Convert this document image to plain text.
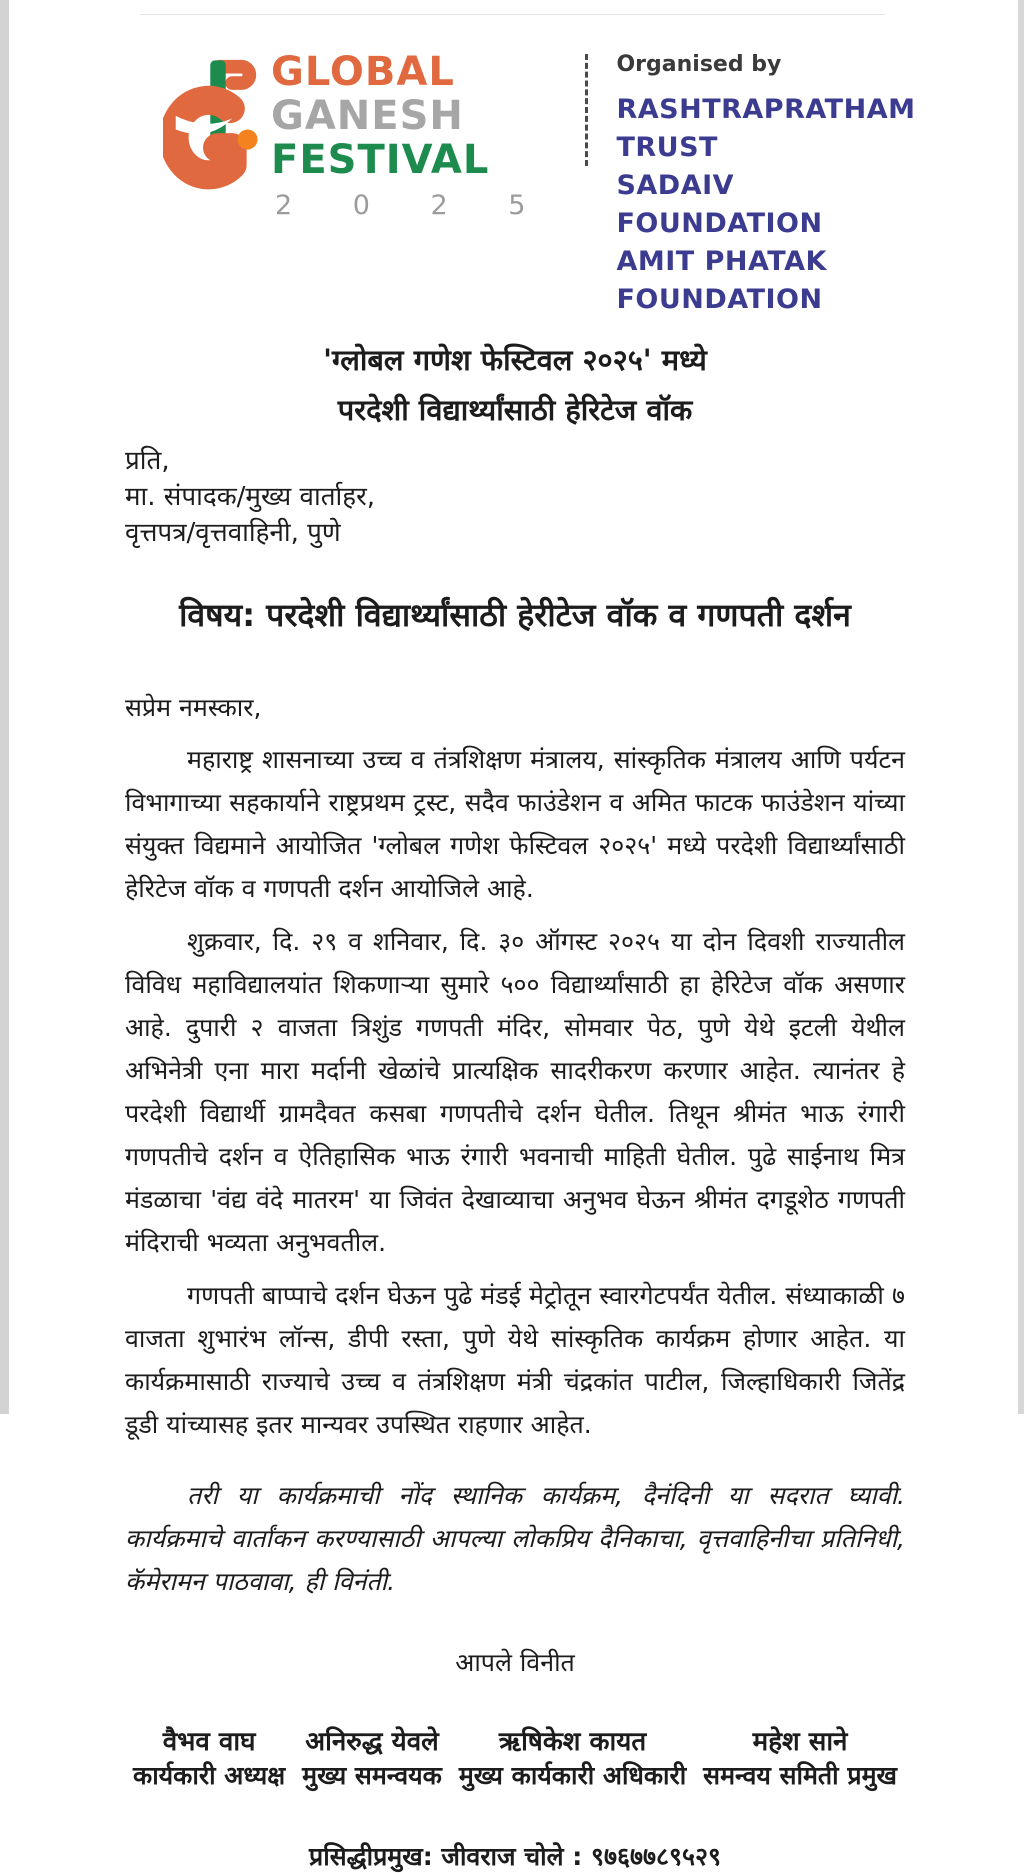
GLOBAL
GANESH
FESTIVAL
2 0 2 5
Organised by
RASHTRAPRATHAM TRUST
SADAIV FOUNDATION
AMIT PHATAK FOUNDATION
'ग्लोबल गणेश फेस्टिवल २०२५' मध्ये
परदेशी विद्यार्थ्यांसाठी हेरिटेज वॉक
प्रति,
मा. संपादक/मुख्य वार्ताहर,
वृत्तपत्र/वृत्तवाहिनी, पुणे
विषय: परदेशी विद्यार्थ्यांसाठी हेरीटेज वॉक व गणपती दर्शन
सप्रेम नमस्कार,

महाराष्ट्र शासनाच्या उच्च व तंत्रशिक्षण मंत्रालय, सांस्कृतिक मंत्रालय आणि पर्यटन विभागाच्या सहकार्याने राष्ट्रप्रथम ट्रस्ट, सदैव फाउंडेशन व अमित फाटक फाउंडेशन यांच्या संयुक्त विद्यमाने आयोजित 'ग्लोबल गणेश फेस्टिवल २०२५' मध्ये परदेशी विद्यार्थ्यांसाठी हेरिटेज वॉक व गणपती दर्शन आयोजिले आहे.

शुक्रवार, दि. २९ व शनिवार, दि. ३० ऑगस्ट २०२५ या दोन दिवशी राज्यातील विविध महाविद्यालयांत शिकणाऱ्या सुमारे ५०० विद्यार्थ्यांसाठी हा हेरिटेज वॉक असणार आहे. दुपारी २ वाजता त्रिशुंड गणपती मंदिर, सोमवार पेठ, पुणे येथे इटली येथील अभिनेत्री एना मारा मर्दानी खेळांचे प्रात्यक्षिक सादरीकरण करणार आहेत. त्यानंतर हे परदेशी विद्यार्थी ग्रामदैवत कसबा गणपतीचे दर्शन घेतील. तिथून श्रीमंत भाऊ रंगारी गणपतीचे दर्शन व ऐतिहासिक भाऊ रंगारी भवनाची माहिती घेतील. पुढे साईनाथ मित्र मंडळाचा 'वंद्य वंदे मातरम' या जिवंत देखाव्याचा अनुभव घेऊन श्रीमंत दगडूशेठ गणपती मंदिराची भव्यता अनुभवतील.

गणपती बाप्पाचे दर्शन घेऊन पुढे मंडई मेट्रोतून स्वारगेटपर्यंत येतील. संध्याकाळी ७ वाजता शुभारंभ लॉन्स, डीपी रस्ता, पुणे येथे सांस्कृतिक कार्यक्रम होणार आहेत. या कार्यक्रमासाठी राज्याचे उच्च व तंत्रशिक्षण मंत्री चंद्रकांत पाटील, जिल्हाधिकारी जितेंद्र डूडी यांच्यासह इतर मान्यवर उपस्थित राहणार आहेत.

तरी या कार्यक्रमाची नोंद स्थानिक कार्यक्रम, दैनंदिनी या सदरात घ्यावी. कार्यक्रमाचे वार्तांकन करण्यासाठी आपल्या लोकप्रिय दैनिकाचा, वृत्तवाहिनीचा प्रतिनिधी, कॅमेरामन पाठवावा, ही विनंती.

आपले विनीत
वैभव वाघ
कार्यकारी अध्यक्ष
अनिरुद्ध येवले
मुख्य समन्वयक
ऋषिकेश कायत
मुख्य कार्यकारी अधिकारी
महेश साने
समन्वय समिती प्रमुख
प्रसिद्धीप्रमुख: जीवराज चोले : ९७६७७८९५२९
